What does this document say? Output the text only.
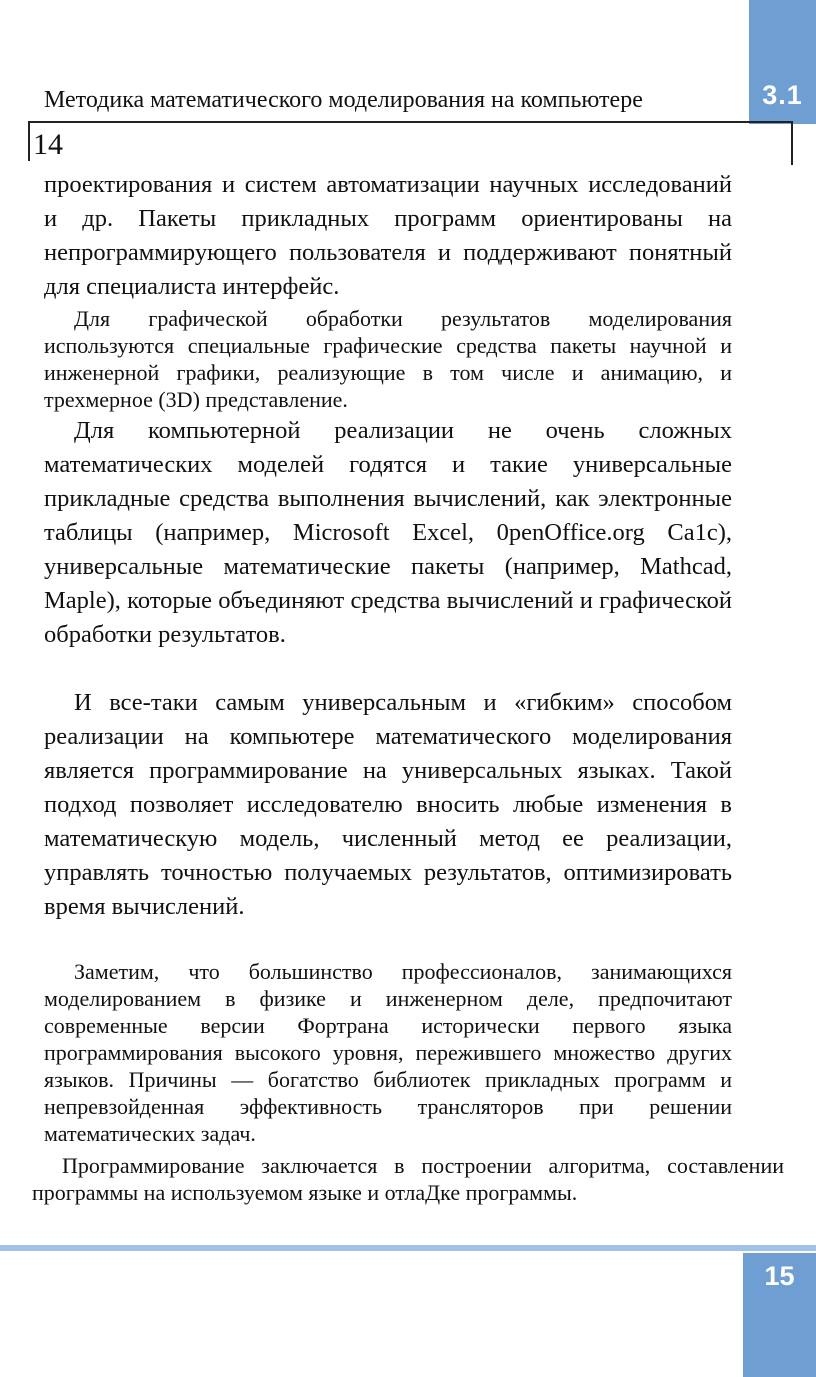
3.1
Методика математического моделирования на компьютере
14

проектирования и систем автоматизации научных исследований и др. Пакеты прикладных программ ориентированы на непрограммирующего пользователя и поддерживают понятный для специалиста интерфейс.

Для графической обработки результатов моделирования используются специальные графические средства пакеты научной и инженерной графики, реализующие в том числе и анимацию, и трехмерное (3D) представление.

Для компьютерной реализации не очень сложных математических моделей годятся и такие универсальные прикладные средства выполнения вычислений, как электронные таблицы (например, Microsoft Excel, 0penOffice.org Ca1c), универсальные математические пакеты (например, Mathcad, Maple), которые объединяют средства вычислений и графической обработки результатов.

И все-таки самым универсальным и «гибким» способом реализации на компьютере математического моделирования является программирование на универсальных языках. Такой подход позволяет исследователю вносить любые изменения в математическую модель, численный метод ее реализации, управлять точностью получаемых результатов, оптимизировать время вычислений.

Заметим, что большинство профессионалов, занимающихся моделированием в физике и инженерном деле, предпочитают современные версии Фортрана исторически первого языка программирования высокого уровня, пережившего множество других языков. Причины — богатство библиотек прикладных программ и непревзойденная эффективность трансляторов при решении математических задач.

Программирование заключается в построении алгоритма, составлении программы на используемом языке и отлаДке программы.

15
